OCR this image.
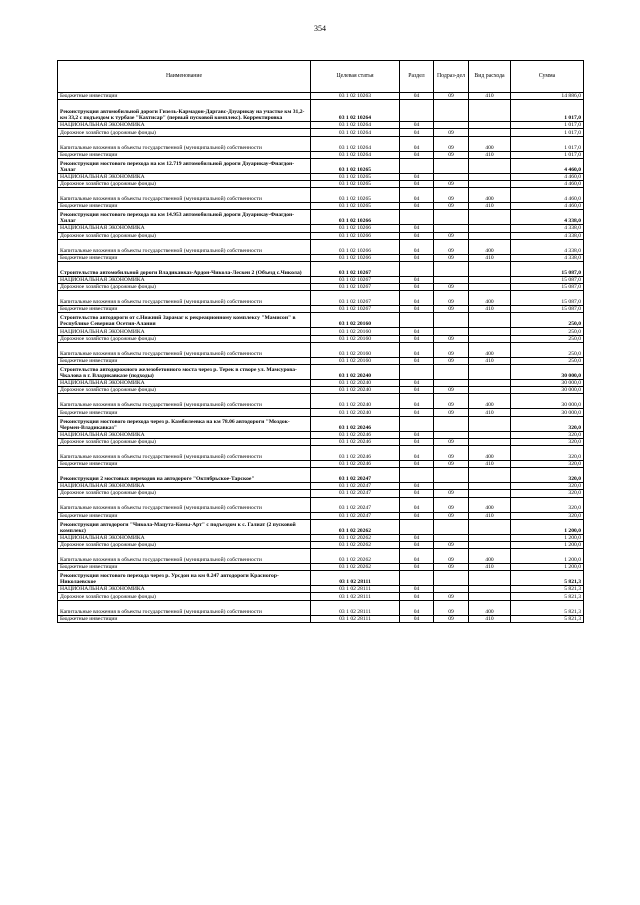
354
Наименование	Целевая статья	Раздел	Подраз-дел	Вид расхода	Сумма
Бюджетные инвестиции	03 1 02 10263	04	09	410	14 886,0
Реконструкция автомобильной дороги Гизель-Кармадон-Даргавс-Дзуарикау на участке км 31,2-км 33,2 с подъездом к турбазе "Кахтисар" (первый пусковой комплекс). Корректировка	03 1 02 10264				1 017,0
НАЦИОНАЛЬНАЯ ЭКОНОМИКА	03 1 02 10264	04			1 017,0
Дорожное хозяйство (дорожные фонды)	03 1 02 10264	04	09		1 017,0
Капитальные вложения в объекты государственной (муниципальной) собственности	03 1 02 10264	04	09	400	1 017,0
Бюджетные инвестиции	03 1 02 10264	04	09	410	1 017,0
Реконструкция мостового перехода на км 12.719 автомобильной дороги Дзуарикау-Фиагдон-Хилаг	03 1 02 10265				4 460,0
НАЦИОНАЛЬНАЯ ЭКОНОМИКА	03 1 02 10265	04			4 460,0
Дорожное хозяйство (дорожные фонды)	03 1 02 10265	04	09		4 460,0
Капитальные вложения в объекты государственной (муниципальной) собственности	03 1 02 10265	04	09	400	4 460,0
Бюджетные инвестиции	03 1 02 10265	04	09	410	4 460,0
Реконструкция мостового перехода на км 14.953 автомобильной дороги Дзуарикау-Фиагдон-Хилаг	03 1 02 10266				4 338,0
НАЦИОНАЛЬНАЯ ЭКОНОМИКА	03 1 02 10266	04			4 338,0
Дорожное хозяйство (дорожные фонды)	03 1 02 10266	04	09		4 338,0
Капитальные вложения в объекты государственной (муниципальной) собственности	03 1 02 10266	04	09	400	4 338,0
Бюджетные инвестиции	03 1 02 10266	04	09	410	4 338,0
Строительство автомобильной дороги Владикавказ-Ардон-Чикола-Лескен 2 (Объезд с.Чикола)	03 1 02 10267				15 087,0
НАЦИОНАЛЬНАЯ ЭКОНОМИКА	03 1 02 10267	04			15 087,0
Дорожное хозяйство (дорожные фонды)	03 1 02 10267	04	09		15 087,0
Капитальные вложения в объекты государственной (муниципальной) собственности	03 1 02 10267	04	09	400	15 087,0
Бюджетные инвестиции	03 1 02 10267	04	09	410	15 087,0
Строительство автодороги от с.Нижний Зарамаг к рекреационному комплексу "Мамисон" в Республике Северная Осетия-Алания	03 1 02 20160				250,0
НАЦИОНАЛЬНАЯ ЭКОНОМИКА	03 1 02 20160	04			250,0
Дорожное хозяйство (дорожные фонды)	03 1 02 20160	04	09		250,0
Капитальные вложения в объекты государственной (муниципальной) собственности	03 1 02 20160	04	09	400	250,0
Бюджетные инвестиции	03 1 02 20160	04	09	410	250,0
Строительство автодорожного железобетонного моста через р. Терек в створе ул. Мамсурова-Чкалова в г. Владикавказе (подходы)	03 1 02 20240				30 000,0
НАЦИОНАЛЬНАЯ ЭКОНОМИКА	03 1 02 20240	04			30 000,0
Дорожное хозяйство (дорожные фонды)	03 1 02 20240	04	09		30 000,0
Капитальные вложения в объекты государственной (муниципальной) собственности	03 1 02 20240	04	09	400	30 000,0
Бюджетные инвестиции	03 1 02 20240	04	09	410	30 000,0
Реконструкция мостового перехода через р. Камбилеевка на км 78.06 автодороги "Моздок-Чермен-Владикавказ"	03 1 02 20246				320,0
НАЦИОНАЛЬНАЯ ЭКОНОМИКА	03 1 02 20246	04			320,0
Дорожное хозяйство (дорожные фонды)	03 1 02 20246	04	09		320,0
Капитальные вложения в объекты государственной (муниципальной) собственности	03 1 02 20246	04	09	400	320,0
Бюджетные инвестиции	03 1 02 20246	04	09	410	320,0
Реконструкция 2 мостовых переходов на автодороге "Октябрьское-Тарское"	03 1 02 20247				320,0
НАЦИОНАЛЬНАЯ ЭКОНОМИКА	03 1 02 20247	04			320,0
Дорожное хозяйство (дорожные фонды)	03 1 02 20247	04	09		320,0
Капитальные вложения в объекты государственной (муниципальной) собственности	03 1 02 20247	04	09	400	320,0
Бюджетные инвестиции	03 1 02 20247	04	09	410	320,0
Реконструкция автодороги "Чикола-Мацута-Комы-Арт" с подъездом к с. Галиат (2 пусковой комплекс)	03 1 02 20262				1 200,0
НАЦИОНАЛЬНАЯ ЭКОНОМИКА	03 1 02 20262	04			1 200,0
Дорожное хозяйство (дорожные фонды)	03 1 02 20262	04	09		1 200,0
Капитальные вложения в объекты государственной (муниципальной) собственности	03 1 02 20262	04	09	400	1 200,0
Бюджетные инвестиции	03 1 02 20262	04	09	410	1 200,0
Реконструкция мостового перехода через р. Урсдон на км 0.247 автодороги Красногор-Николаевское	03 1 02 28111				5 821,3
НАЦИОНАЛЬНАЯ ЭКОНОМИКА	03 1 02 28111	04			5 821,3
Дорожное хозяйство (дорожные фонды)	03 1 02 28111	04	09		5 821,3
Капитальные вложения в объекты государственной (муниципальной) собственности	03 1 02 28111	04	09	400	5 821,3
Бюджетные инвестиции	03 1 02 28111	04	09	410	5 821,3
